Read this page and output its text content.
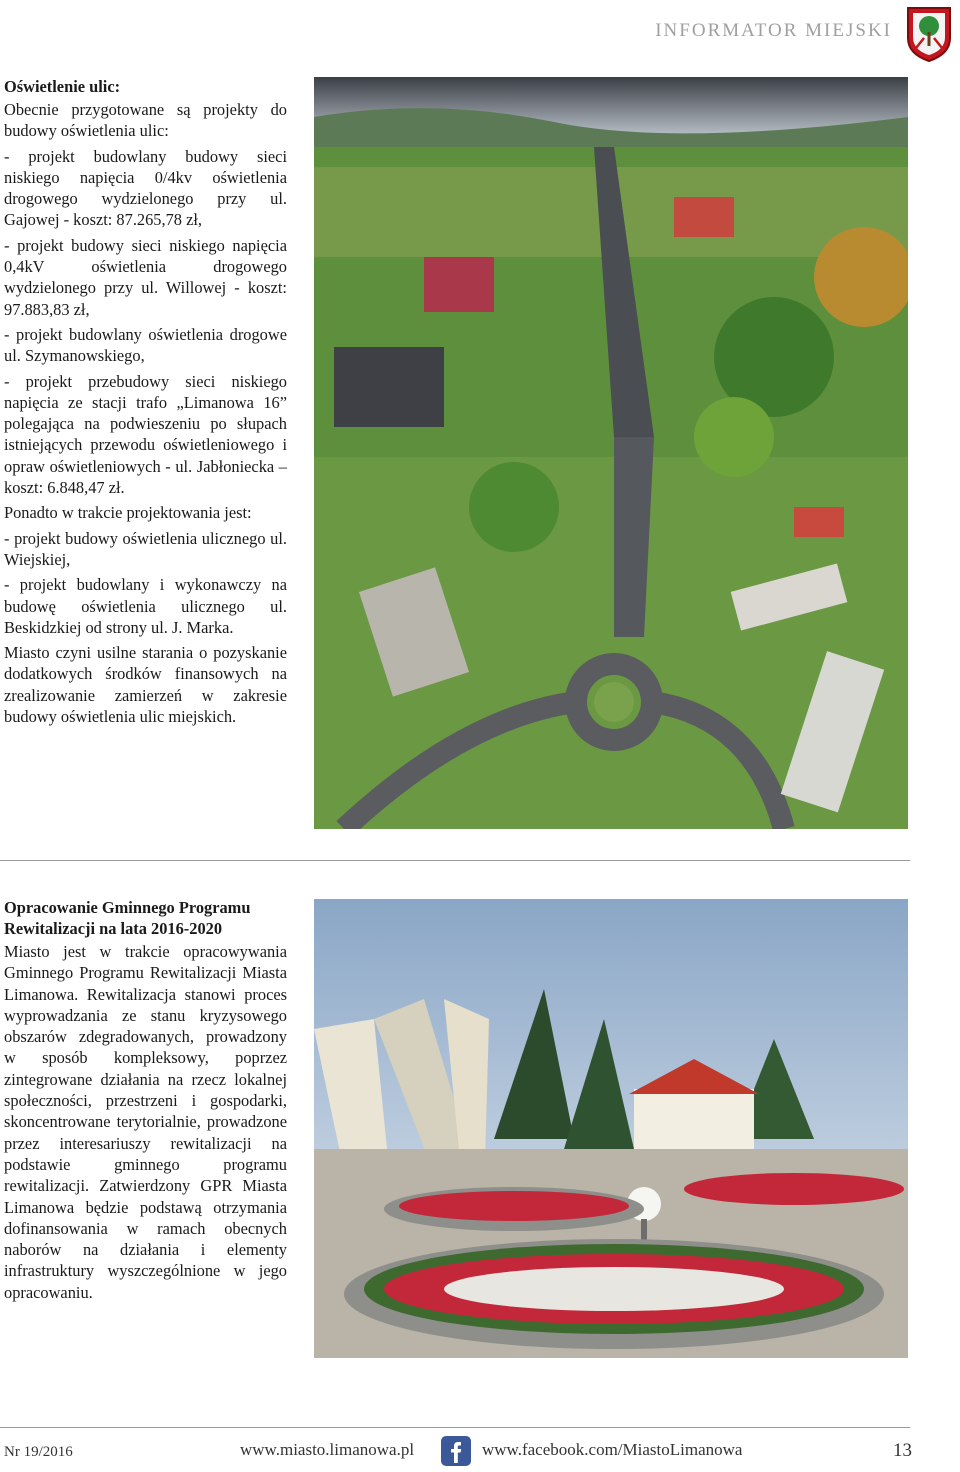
INFORMATOR MIEJSKI
Oświetlenie ulic:

Obecnie przygotowane są projekty do budowy oświetlenia ulic:

- projekt budowlany budowy sieci niskiego napięcia 0/4kv oświetlenia drogowego wydzielonego przy ul. Gajowej - koszt: 87.265,78 zł,

- projekt budowy sieci niskiego napięcia 0,4kV oświetlenia drogowego wydzielonego przy ul. Willowej - koszt: 97.883,83 zł,

- projekt budowlany oświetlenia drogowe ul. Szymanowskiego,

- projekt przebudowy sieci niskiego napięcia ze stacji trafo „Limanowa 16” polegająca na podwieszeniu po słupach istniejących przewodu oświetleniowego i opraw oświetleniowych - ul. Jabłoniecka – koszt: 6.848,47 zł.

Ponadto w trakcie projektowania jest:

- projekt budowy oświetlenia ulicznego ul. Wiejskiej,

- projekt budowlany i wykonawczy na budowę oświetlenia ulicznego ul. Beskidzkiej od strony ul. J. Marka.

Miasto czyni usilne starania o pozyskanie dodatkowych środków finansowych na zrealizowanie zamierzeń w zakresie budowy oświetlenia ulic miejskich.

Opracowanie Gminnego Programu Rewitalizacji na lata 2016-2020

Miasto jest w trakcie opracowywania Gminnego Programu Rewitalizacji Miasta Limanowa. Rewitalizacja stanowi proces wyprowadzania ze stanu kryzysowego obszarów zdegradowanych, prowadzony w sposób kompleksowy, poprzez zintegrowane działania na rzecz lokalnej społeczności, przestrzeni i gospodarki, skoncentrowane terytorialnie, prowadzone przez interesariuszy rewitalizacji na podstawie gminnego programu rewitalizacji. Zatwierdzony GPR Miasta Limanowa będzie podstawą otrzymania dofinansowania w ramach obecnych naborów na działania i elementy infrastruktury wyszczególnione w jego opracowaniu.

Nr 19/2016	www.miasto.limanowa.pl	www.facebook.com/MiastoLimanowa	13
